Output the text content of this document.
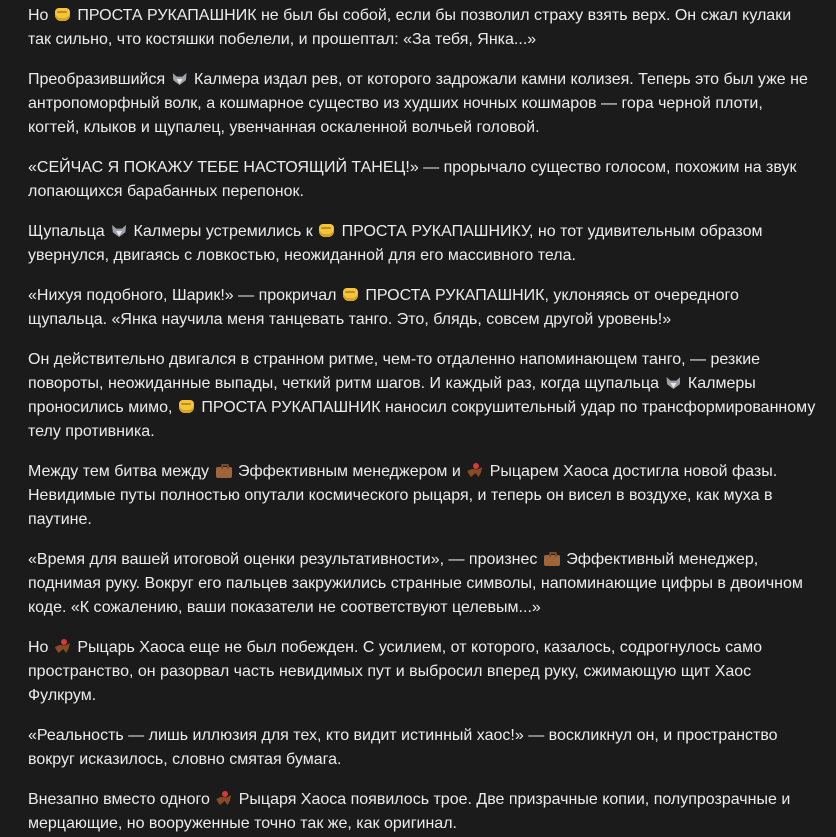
Но  ПРОСТА РУКАПАШНИК не был бы собой, если бы позволил страху взять верх. Он сжал кулаки так сильно, что костяшки побелели, и прошептал: «За тебя, Янка...»

Преобразившийся  Калмера издал рев, от которого задрожали камни колизея. Теперь это был уже не антропоморфный волк, а кошмарное существо из худших ночных кошмаров — гора черной плоти, когтей, клыков и щупалец, увенчанная оскаленной волчьей головой.

«СЕЙЧАС Я ПОКАЖУ ТЕБЕ НАСТОЯЩИЙ ТАНЕЦ!» — прорычало существо голосом, похожим на звук лопающихся барабанных перепонок.

Щупальца  Калмеры устремились к  ПРОСТА РУКАПАШНИКУ, но тот удивительным образом увернулся, двигаясь с ловкостью, неожиданной для его массивного тела.

«Нихуя подобного, Шарик!» — прокричал  ПРОСТА РУКАПАШНИК, уклоняясь от очередного щупальца. «Янка научила меня танцевать танго. Это, блядь, совсем другой уровень!»

Он действительно двигался в странном ритме, чем-то отдаленно напоминающем танго, — резкие повороты, неожиданные выпады, четкий ритм шагов. И каждый раз, когда щупальца  Калмеры проносились мимо,  ПРОСТА РУКАПАШНИК наносил сокрушительный удар по трансформированному телу противника.

Между тем битва между  Эффективным менеджером и  Рыцарем Хаоса достигла новой фазы. Невидимые путы полностью опутали космического рыцаря, и теперь он висел в воздухе, как муха в паутине.

«Время для вашей итоговой оценки результативности», — произнес  Эффективный менеджер, поднимая руку. Вокруг его пальцев закружились странные символы, напоминающие цифры в двоичном коде. «К сожалению, ваши показатели не соответствуют целевым...»

Но  Рыцарь Хаоса еще не был побежден. С усилием, от которого, казалось, содрогнулось само пространство, он разорвал часть невидимых пут и выбросил вперед руку, сжимающую щит Хаос Фулкрум.

«Реальность — лишь иллюзия для тех, кто видит истинный хаос!» — воскликнул он, и пространство вокруг исказилось, словно смятая бумага.

Внезапно вместо одного  Рыцаря Хаоса появилось трое. Две призрачные копии, полупрозрачные и мерцающие, но вооруженные точно так же, как оригинал.
